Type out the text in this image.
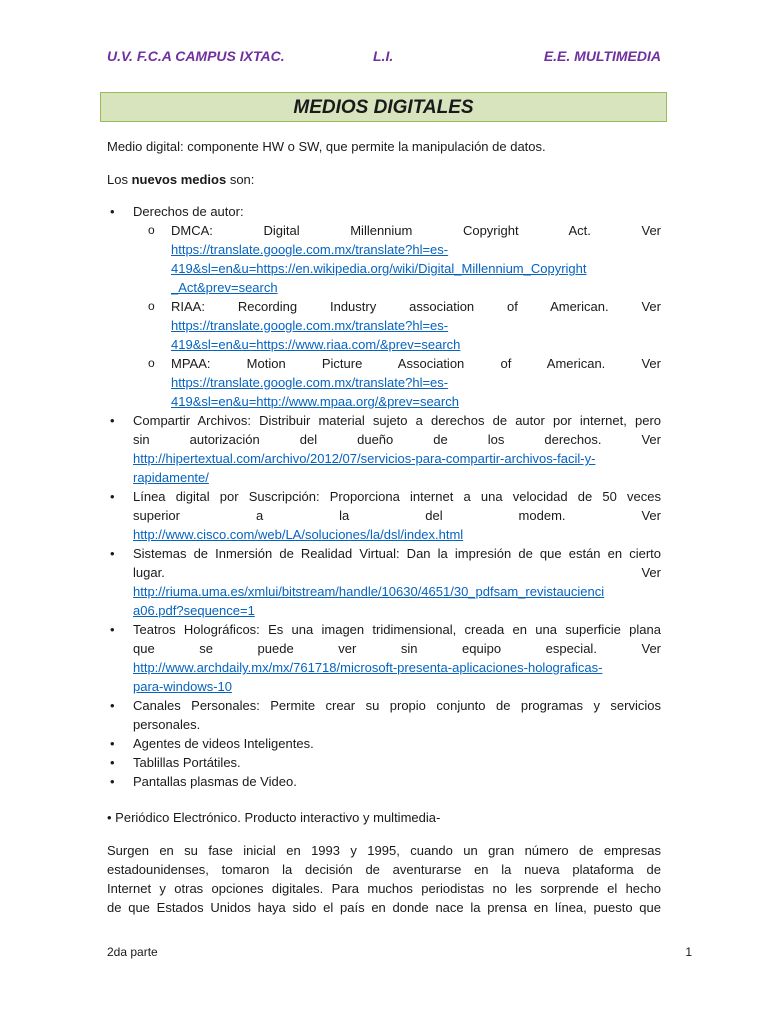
U.V. F.C.A CAMPUS IXTAC.	L.I.	E.E. MULTIMEDIA
MEDIOS DIGITALES
Medio digital: componente HW o SW, que permite la manipulación de datos.
Los nuevos medios son:
• Derechos de autor:
o DMCA: Digital Millennium Copyright Act. Ver
https://translate.google.com.mx/translate?hl=es-
419&sl=en&u=https://en.wikipedia.org/wiki/Digital_Millennium_Copyright
_Act&prev=search
o RIAA: Recording Industry association of American. Ver
https://translate.google.com.mx/translate?hl=es-
419&sl=en&u=https://www.riaa.com/&prev=search
o MPAA: Motion Picture Association of American. Ver
https://translate.google.com.mx/translate?hl=es-
419&sl=en&u=http://www.mpaa.org/&prev=search
• Compartir Archivos: Distribuir material sujeto a derechos de autor por internet, pero
sin autorización del dueño de los derechos. Ver
http://hipertextual.com/archivo/2012/07/servicios-para-compartir-archivos-facil-y-
rapidamente/
• Línea digital por Suscripción: Proporciona internet a una velocidad de 50 veces
superior a la del modem. Ver
http://www.cisco.com/web/LA/soluciones/la/dsl/index.html
• Sistemas de Inmersión de Realidad Virtual: Dan la impresión de que están en cierto
lugar. Ver
http://riuma.uma.es/xmlui/bitstream/handle/10630/4651/30_pdfsam_revistaucienci
a06.pdf?sequence=1
• Teatros Holográficos: Es una imagen tridimensional, creada en una superficie plana
que se puede ver sin equipo especial. Ver
http://www.archdaily.mx/mx/761718/microsoft-presenta-aplicaciones-holograficas-
para-windows-10
• Canales Personales: Permite crear su propio conjunto de programas y servicios
personales.
• Agentes de videos Inteligentes.
• Tablillas Portátiles.
• Pantallas plasmas de Video.
• Periódico Electrónico. Producto interactivo y multimedia-
Surgen en su fase inicial en 1993 y 1995, cuando un gran número de empresas
estadounidenses, tomaron la decisión de aventurarse en la nueva plataforma de
Internet y otras opciones digitales. Para muchos periodistas no les sorprende el hecho
de que Estados Unidos haya sido el país en donde nace la prensa en línea, puesto que
2da parte	1
